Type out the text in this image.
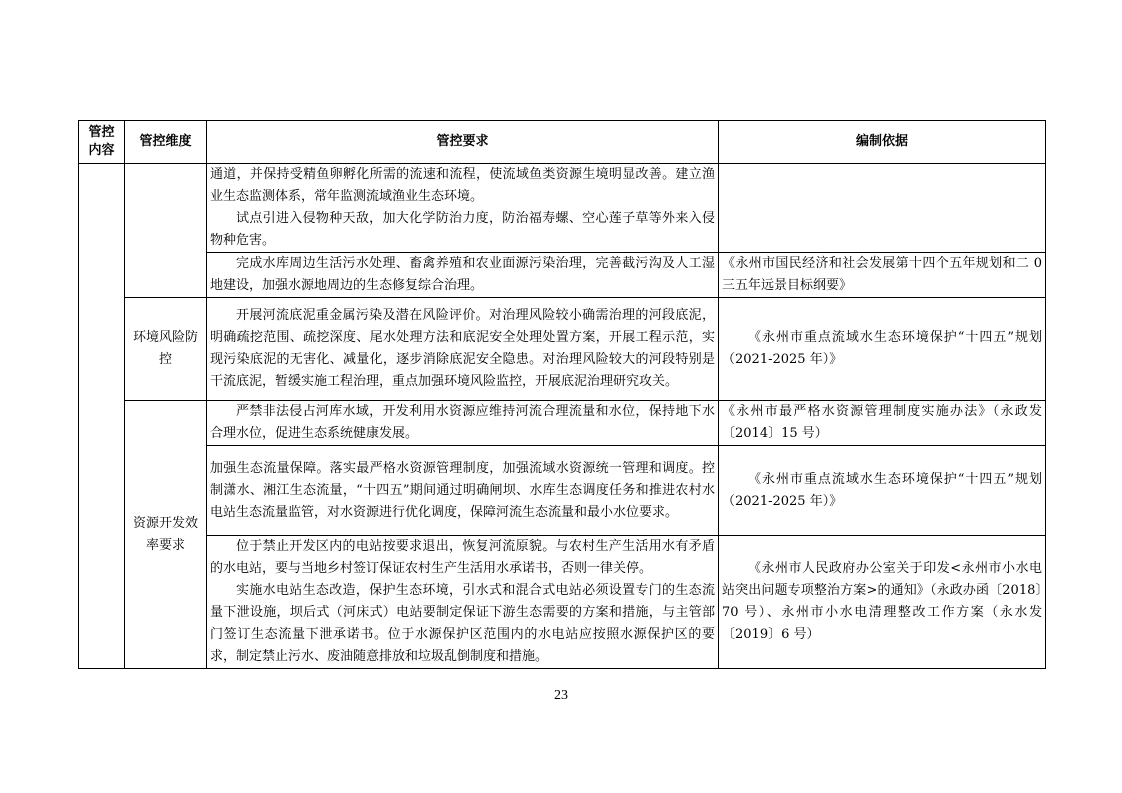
管控
内容	管控维度	管控要求	编制依据

		通道，并保持受精鱼卵孵化所需的流速和流程，使流域鱼类资源生境明显改善。建立渔业生态监测体系，常年监测流域渔业生态环境。

试点引进入侵物种天敌，加大化学防治力度，防治福寿螺、空心莲子草等外来入侵物种危害。	

		完成水库周边生活污水处理、畜禽养殖和农业面源污染治理，完善截污沟及人工湿地建设，加强水源地周边的生态修复综合治理。	《永州市国民经济和社会发展第十四个五年规划和二 0 三五年远景目标纲要》

	环境风险防控	开展河流底泥重金属污染及潜在风险评价。对治理风险较小确需治理的河段底泥，明确疏挖范围、疏挖深度、尾水处理方法和底泥安全处理处置方案，开展工程示范，实现污染底泥的无害化、减量化，逐步消除底泥安全隐患。对治理风险较大的河段特别是干流底泥，暂缓实施工程治理，重点加强环境风险监控，开展底泥治理研究攻关。	《永州市重点流域水生态环境保护“十四五”规划（2021-2025 年）》

	资源开发效率要求	严禁非法侵占河库水域，开发利用水资源应维持河流合理流量和水位，保持地下水合理水位，促进生态系统健康发展。	《永州市最严格水资源管理制度实施办法》（永政发〔2014〕15 号）

		加强生态流量保障。落实最严格水资源管理制度，加强流域水资源统一管理和调度。控制潇水、湘江生态流量，“十四五”期间通过明确闸坝、水库生态调度任务和推进农村水电站生态流量监管，对水资源进行优化调度，保障河流生态流量和最小水位要求。	《永州市重点流域水生态环境保护“十四五”规划（2021-2025 年）》

		位于禁止开发区内的电站按要求退出，恢复河流原貌。与农村生产生活用水有矛盾的水电站，要与当地乡村签订保证农村生产生活用水承诺书，否则一律关停。

实施水电站生态改造，保护生态环境，引水式和混合式电站必须设置专门的生态流量下泄设施，坝后式（河床式）电站要制定保证下游生态需要的方案和措施，与主管部门签订生态流量下泄承诺书。位于水源保护区范围内的水电站应按照水源保护区的要求，制定禁止污水、废油随意排放和垃圾乱倒制度和措施。	《永州市人民政府办公室关于印发<永州市小水电站突出问题专项整治方案>的通知》（永政办函〔2018〕70 号）、永州市小水电清理整改工作方案（永水发〔2019〕6 号）

23
